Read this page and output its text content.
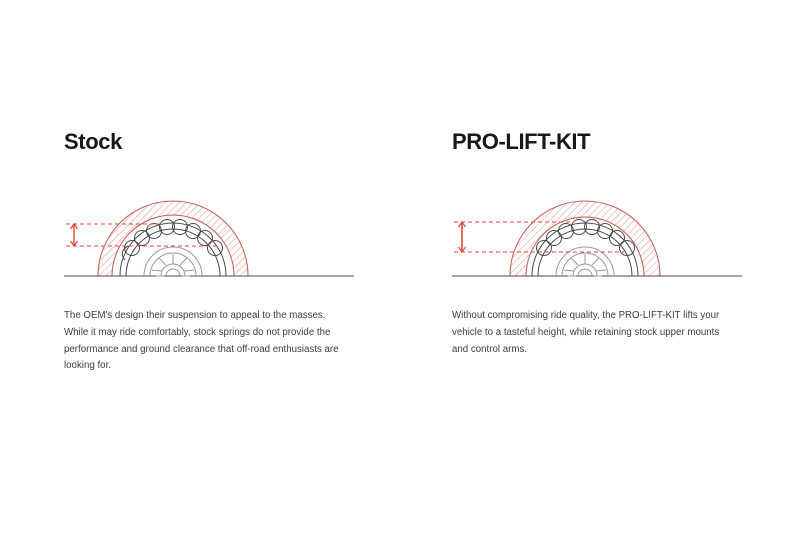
Stock

The OEM's design their suspension to appeal to the masses. While it may ride comfortably, stock springs do not provide the performance and ground clearance that off-road enthusiasts are looking for.

PRO-LIFT-KIT

Without compromising ride quality, the PRO-LIFT-KIT lifts your vehicle to a tasteful height, while retaining stock upper mounts and control arms.
